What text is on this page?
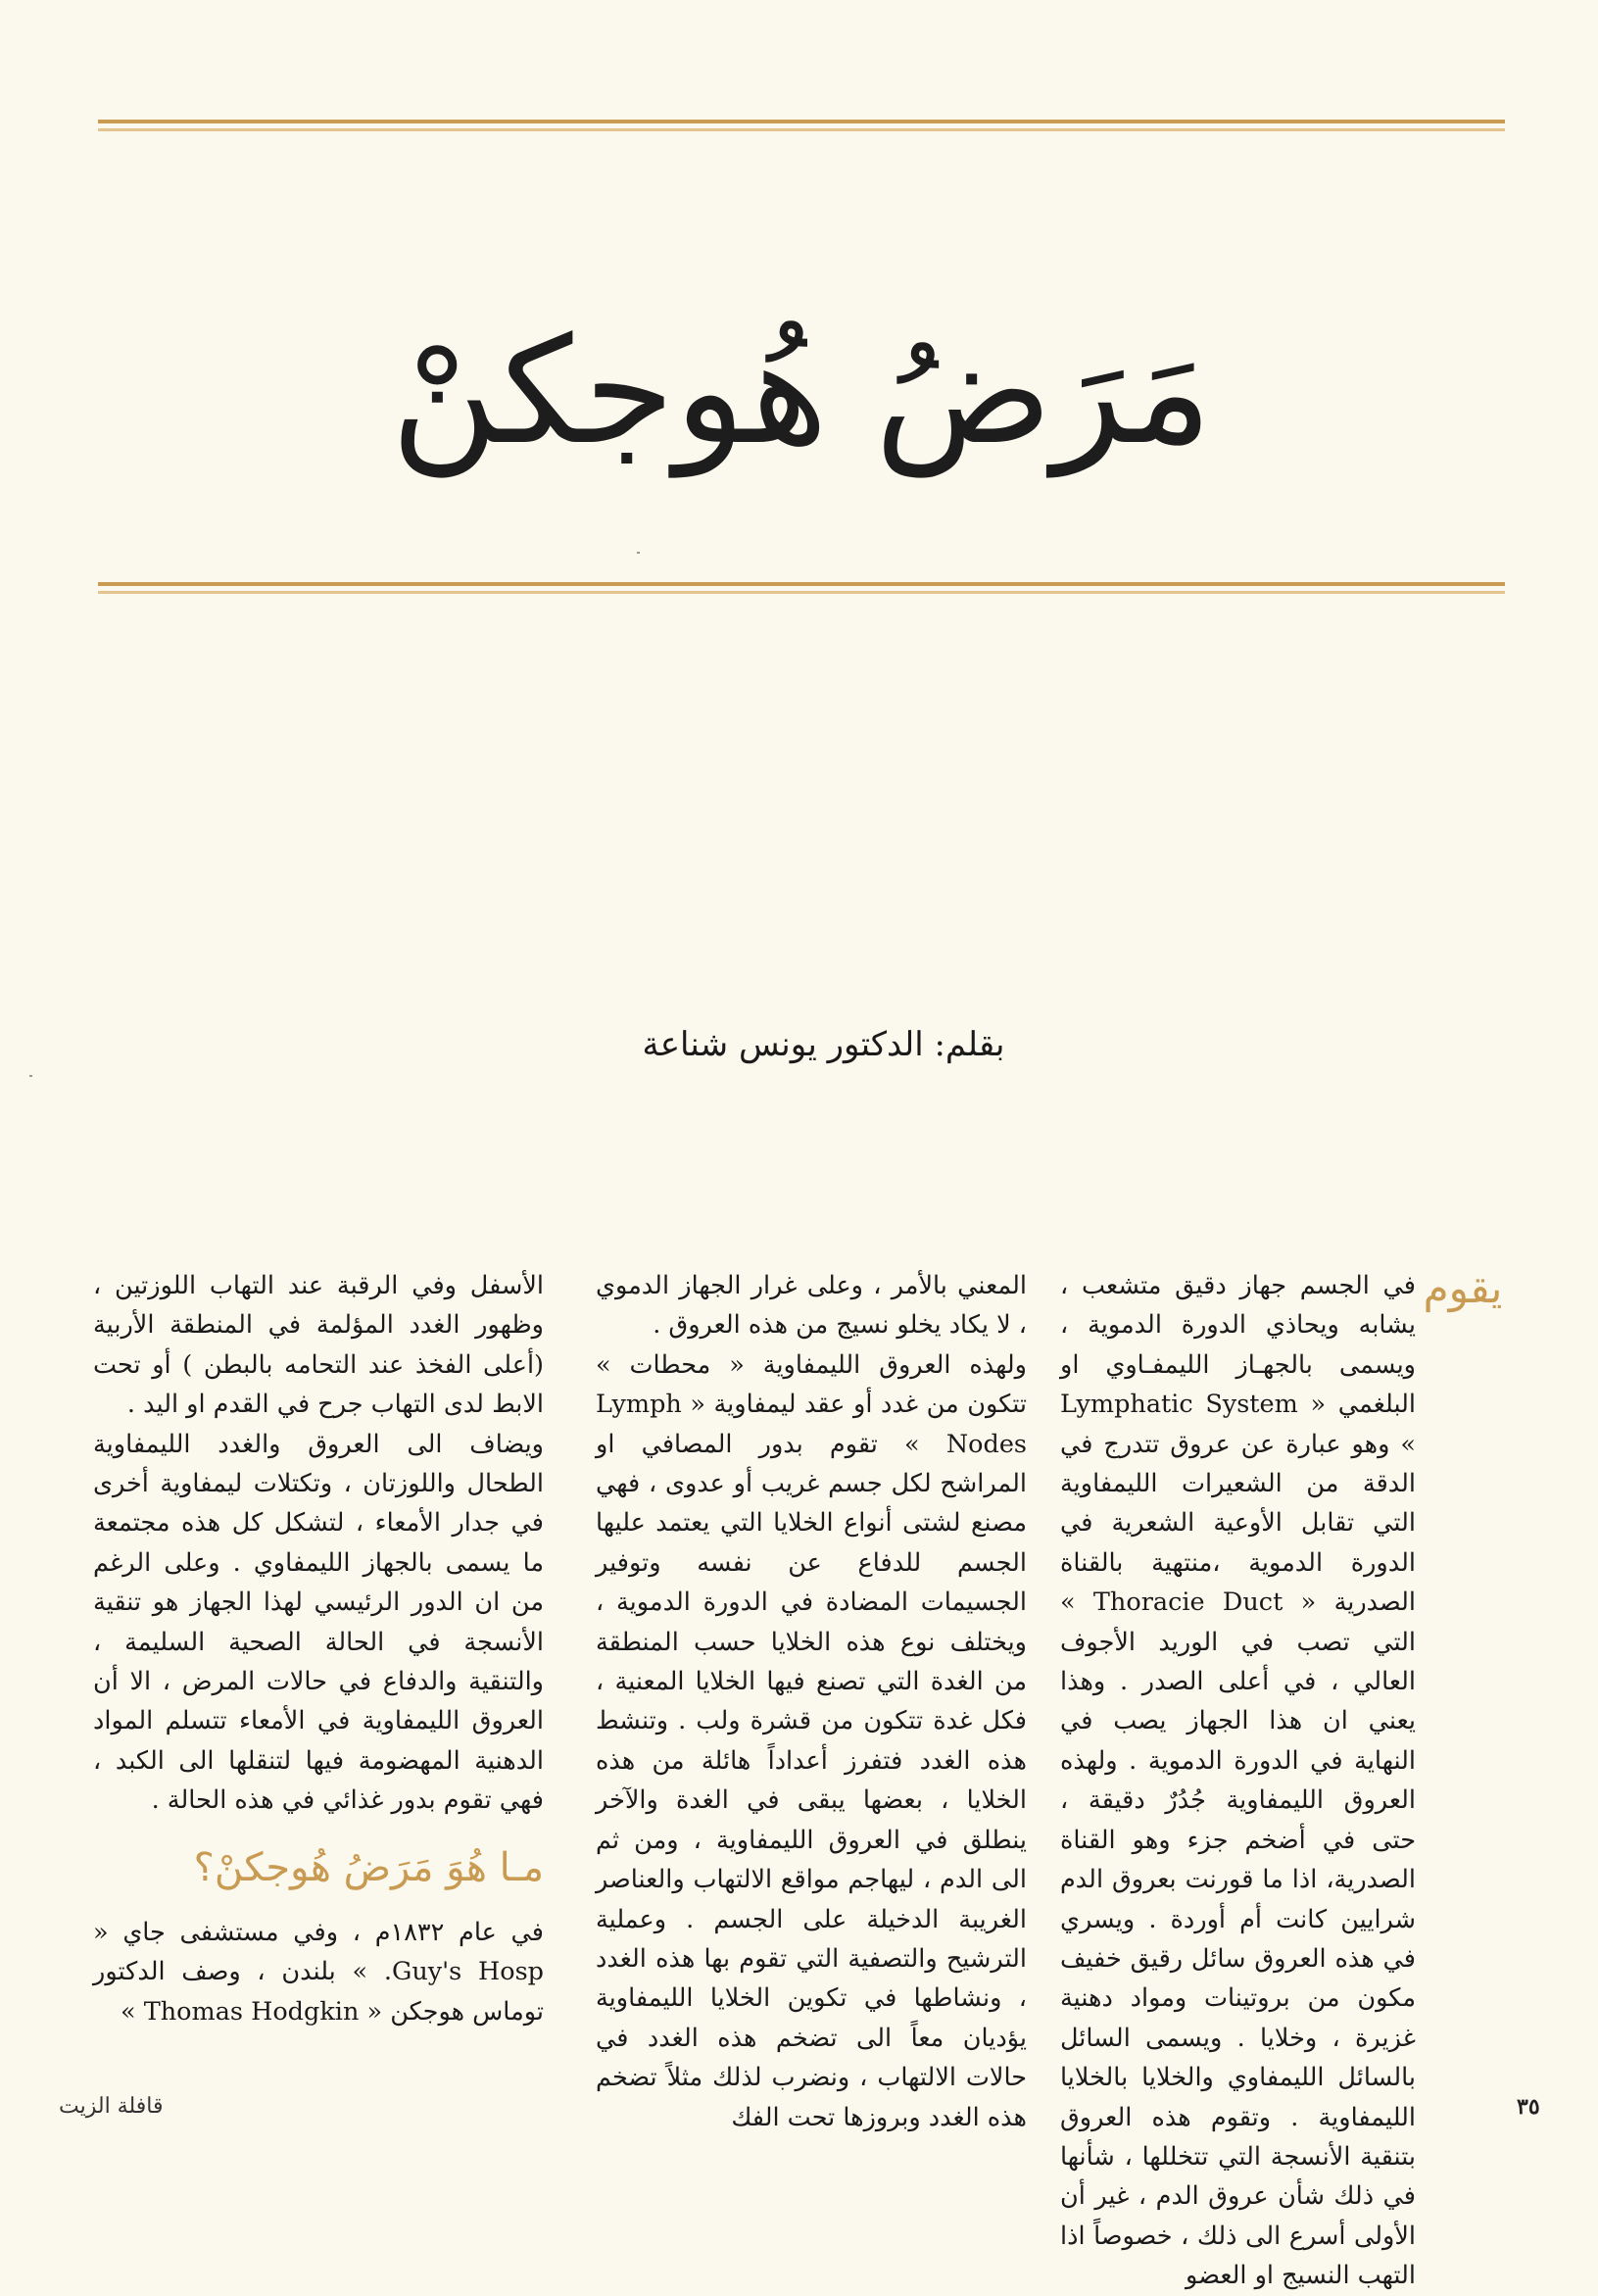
مَرَضُ هُوجكنْ
بقلم: الدكتور يونس شناعة
يقوم

في الجسم جهاز دقيق متشعب ، يشابه ويحاذي الدورة الدموية ، ويسمى بالجهـاز الليمفـاوي او البلغمي « Lymphatic System » وهو عبارة عن عروق تتدرج في الدقة من الشعيرات الليمفاوية التي تقابل الأوعية الشعرية في الدورة الدموية ،منتهية بالقناة الصدرية « Thoracie Duct » التي تصب في الوريد الأجوف العالي ، في أعلى الصدر . وهذا يعني ان هذا الجهاز يصب في النهاية في الدورة الدموية . ولهذه العروق الليمفاوية جُدُرٌ دقيقة ، حتى في أضخم جزء وهو القناة الصدرية، اذا ما قورنت بعروق الدم شرايين كانت أم أوردة . ويسري في هذه العروق سائل رقيق خفيف مكون من بروتينات ومواد دهنية غزيرة ، وخلايا . ويسمى السائل بالسائل الليمفاوي والخلايا بالخلايا الليمفاوية . وتقوم هذه العروق بتنقية الأنسجة التي تتخللها ، شأنها في ذلك شأن عروق الدم ، غير أن الأولى أسرع الى ذلك ، خصوصاً اذا التهب النسيج او العضو

المعني بالأمر ، وعلى غرار الجهاز الدموي ، لا يكاد يخلو نسيج من هذه العروق .

ولهذه العروق الليمفاوية « محطات » تتكون من غدد أو عقد ليمفاوية « Lymph Nodes » تقوم بدور المصافي او المراشح لكل جسم غريب أو عدوى ، فهي مصنع لشتى أنواع الخلايا التي يعتمد عليها الجسم للدفاع عن نفسه وتوفير الجسيمات المضادة في الدورة الدموية ، ويختلف نوع هذه الخلايا حسب المنطقة من الغدة التي تصنع فيها الخلايا المعنية ، فكل غدة تتكون من قشرة ولب . وتنشط هذه الغدد فتفرز أعداداً هائلة من هذه الخلايا ، بعضها يبقى في الغدة والآخر ينطلق في العروق الليمفاوية ، ومن ثم الى الدم ، ليهاجم مواقع الالتهاب والعناصر الغريبة الدخيلة على الجسم . وعملية الترشيح والتصفية التي تقوم بها هذه الغدد ، ونشاطها في تكوين الخلايا الليمفاوية يؤديان معاً الى تضخم هذه الغدد في حالات الالتهاب ، ونضرب لذلك مثلاً تضخم هذه الغدد وبروزها تحت الفك

الأسفل وفي الرقبة عند التهاب اللوزتين ، وظهور الغدد المؤلمة في المنطقة الأربية (أعلى الفخذ عند التحامه بالبطن ) أو تحت الابط لدى التهاب جرح في القدم او اليد .

ويضاف الى العروق والغدد الليمفاوية الطحال واللوزتان ، وتكتلات ليمفاوية أخرى في جدار الأمعاء ، لتشكل كل هذه مجتمعة ما يسمى بالجهاز الليمفاوي . وعلى الرغم من ان الدور الرئيسي لهذا الجهاز هو تنقية الأنسجة في الحالة الصحية السليمة ، والتنقية والدفاع في حالات المرض ، الا أن العروق الليمفاوية في الأمعاء تتسلم المواد الدهنية المهضومة فيها لتنقلها الى الكبد ، فهي تقوم بدور غذائي في هذه الحالة .

مـا هُوَ مَرَضُ هُوجكنْ؟

في عام ١٨٣٢م ، وفي مستشفى جاي « Guy's Hosp. » بلندن ، وصف الدكتور توماس هوجكن « Thomas Hodgkin »

قافلة الزيت	٣٥
